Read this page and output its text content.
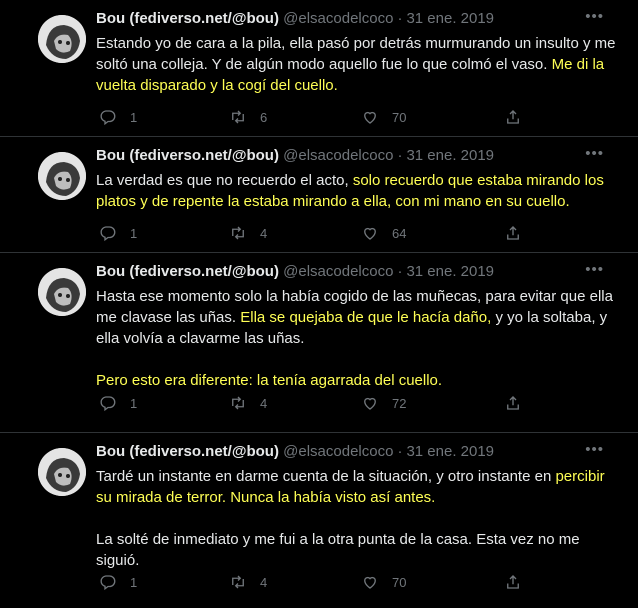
Bou (fediverso.net/@bou) @elsacodelcoco · 31 ene. 2019	•••

Estando yo de cara a la pila, ella pasó por detrás murmurando un insulto y me soltó una colleja. Y de algún modo aquello fue lo que colmó el vaso. Me di la vuelta disparado y la cogí del cuello.

1	6	70
Bou (fediverso.net/@bou) @elsacodelcoco · 31 ene. 2019	•••

La verdad es que no recuerdo el acto, solo recuerdo que estaba mirando los platos y de repente la estaba mirando a ella, con mi mano en su cuello.

1	4	64
Bou (fediverso.net/@bou) @elsacodelcoco · 31 ene. 2019	•••

Hasta ese momento solo la había cogido de las muñecas, para evitar que ella me clavase las uñas. Ella se quejaba de que le hacía daño, y yo la soltaba, y ella volvía a clavarme las uñas.

Pero esto era diferente: la tenía agarrada del cuello.

1	4	72
Bou (fediverso.net/@bou) @elsacodelcoco · 31 ene. 2019	•••

Tardé un instante en darme cuenta de la situación, y otro instante en percibir su mirada de terror. Nunca la había visto así antes.

La solté de inmediato y me fui a la otra punta de la casa. Esta vez no me siguió.

1	4	70
